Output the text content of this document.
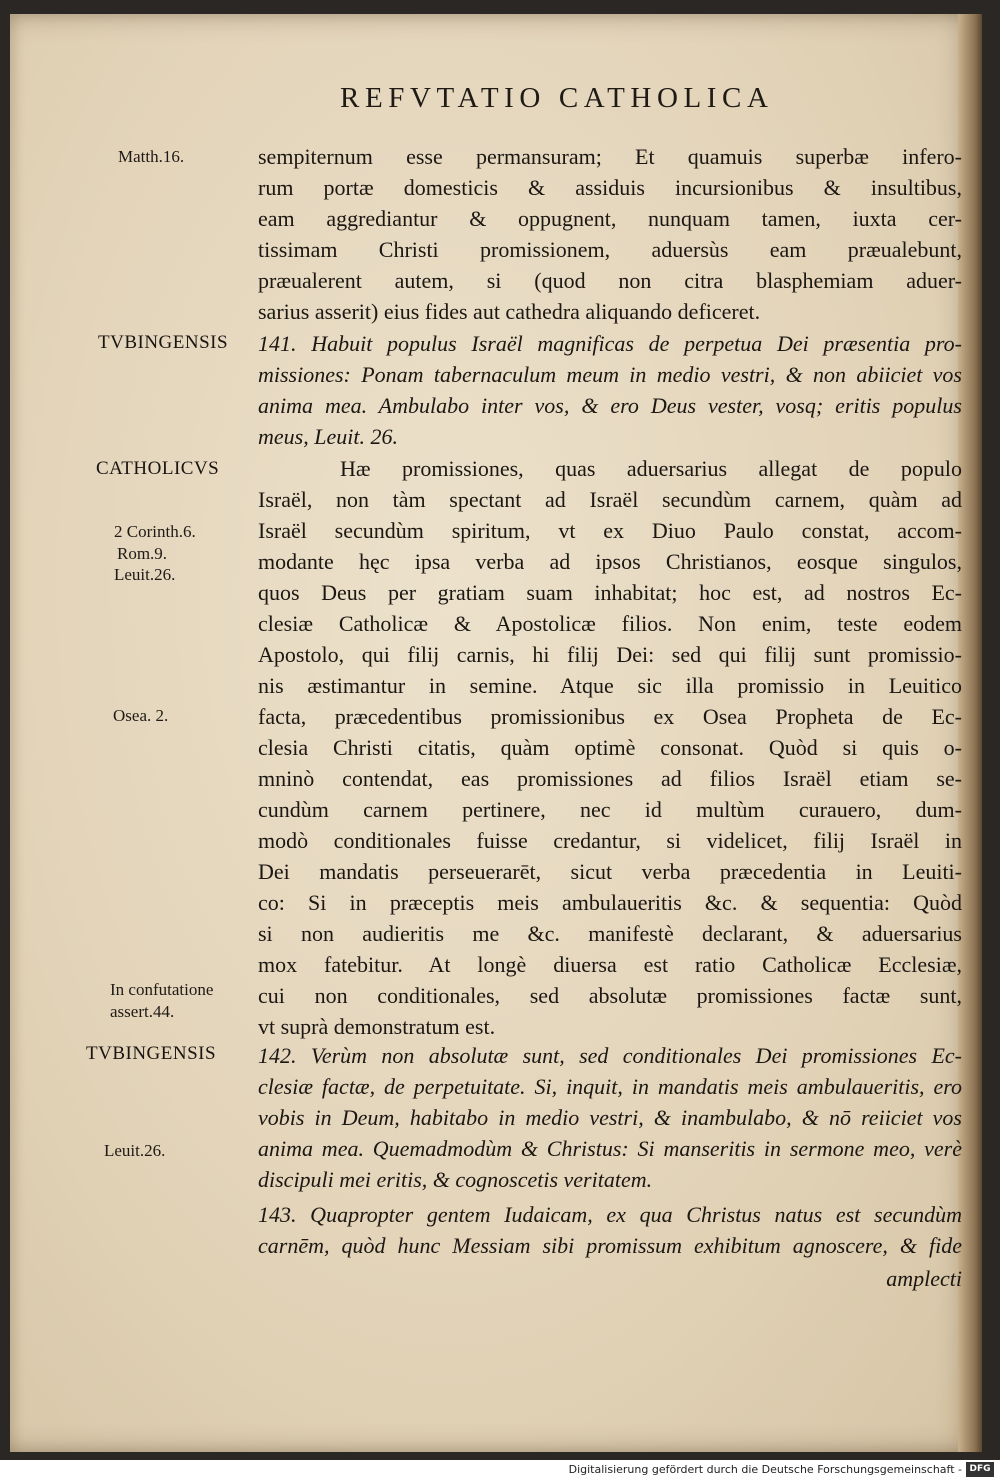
REFVTATIO CATHOLICA
Matth.16.
2 Corinth.6.
Rom.9.
Leuit.26.
Osea. 2.
In confutatione
assert.44.
Leuit.26.
TVBINGENSIS
CATHOLICVS
TVBINGENSIS
sempiternum esse permansuram; Et quamuis superbæ infero-
rum portæ domesticis & assiduis incursionibus & insultibus,
eam aggrediantur & oppugnent, nunquam tamen, iuxta cer-
tissimam Christi promissionem, aduersùs eam præualebunt,
præualerent autem, si (quod non citra blasphemiam aduer-
sarius asserit) eius fides aut cathedra aliquando deficeret.
141. Habuit populus Israël magnificas de perpetua Dei præsentia pro-
missiones: Ponam tabernaculum meum in medio vestri, & non abiiciet vos
anima mea. Ambulabo inter vos, & ero Deus vester, vosq; eritis populus
meus, Leuit. 26.
Hæ promissiones, quas aduersarius allegat de populo
Israël, non tàm spectant ad Israël secundùm carnem, quàm ad
Israël secundùm spiritum, vt ex Diuo Paulo constat, accom-
modante hęc ipsa verba ad ipsos Christianos, eosque singulos,
quos Deus per gratiam suam inhabitat; hoc est, ad nostros Ec-
clesiæ Catholicæ & Apostolicæ filios. Non enim, teste eodem
Apostolo, qui filij carnis, hi filij Dei: sed qui filij sunt promissio-
nis æstimantur in semine. Atque sic illa promissio in Leuitico
facta, præcedentibus promissionibus ex Osea Propheta de Ec-
clesia Christi citatis, quàm optimè consonat. Quòd si quis o-
mninò contendat, eas promissiones ad filios Israël etiam se-
cundùm carnem pertinere, nec id multùm curauero, dum-
modò conditionales fuisse credantur, si videlicet, filij Israël in
Dei mandatis perseuerarēt, sicut verba præcedentia in Leuiti-
co: Si in præceptis meis ambulaueritis &c. & sequentia: Quòd
si non audieritis me &c. manifestè declarant, & aduersarius
mox fatebitur. At longè diuersa est ratio Catholicæ Ecclesiæ,
cui non conditionales, sed absolutæ promissiones factæ sunt,
vt suprà demonstratum est.
142. Verùm non absolutæ sunt, sed conditionales Dei promissiones Ec-
clesiæ factæ, de perpetuitate. Si, inquit, in mandatis meis ambulaueritis, ero
vobis in Deum, habitabo in medio vestri, & inambulabo, & nō reiiciet vos
anima mea. Quemadmodùm & Christus: Si manseritis in sermone meo, verè
discipuli mei eritis, & cognoscetis veritatem.
143. Quapropter gentem Iudaicam, ex qua Christus natus est secundùm
carnēm, quòd hunc Messiam sibi promissum exhibitum agnoscere, & fide
amplecti
Digitalisierung gefördert durch die Deutsche Forschungsgemeinschaft - DFG
